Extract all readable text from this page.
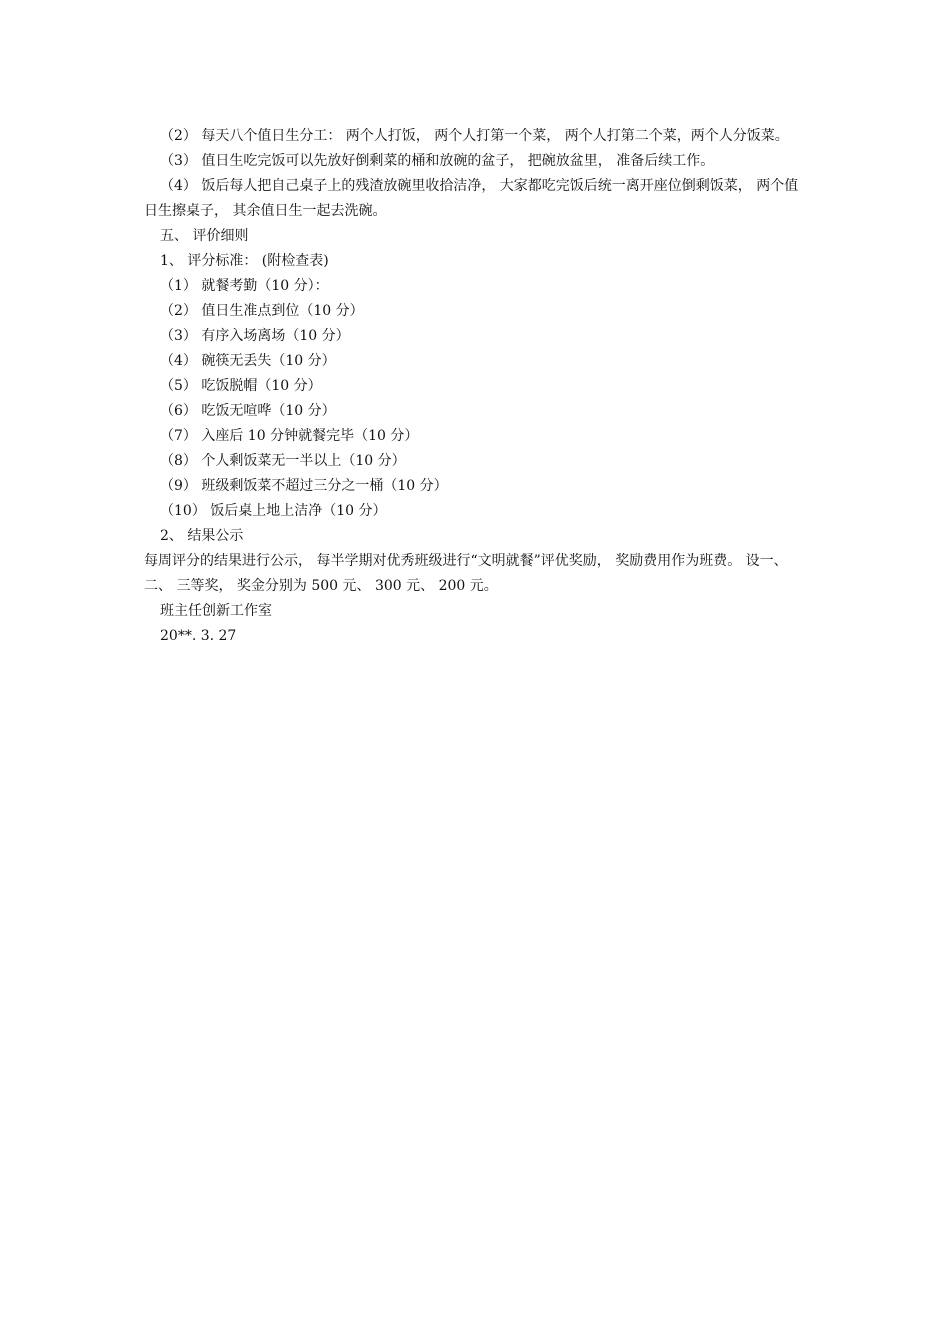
（2） 每天八个值日生分工： 两个人打饭， 两个人打第一个菜， 两个人打第二个菜，两个人分饭菜。

（3） 值日生吃完饭可以先放好倒剩菜的桶和放碗的盆子， 把碗放盆里， 准备后续工作。

（4） 饭后每人把自己桌子上的残渣放碗里收拾洁净， 大家都吃完饭后统一离开座位倒剩饭菜， 两个值日生擦桌子， 其余值日生一起去洗碗。

五、 评价细则

1、 评分标准： (附检查表)

（1） 就餐考勤（10 分）：

（2） 值日生准点到位（10 分）

（3） 有序入场离场（10 分）

（4） 碗筷无丢失（10 分）

（5） 吃饭脱帽（10 分）

（6） 吃饭无喧哗（10 分）

（7） 入座后 10 分钟就餐完毕（10 分）

（8） 个人剩饭菜无一半以上（10 分）

（9） 班级剩饭菜不超过三分之一桶（10 分）

（10） 饭后桌上地上洁净（10 分）

2、 结果公示

每周评分的结果进行公示， 每半学期对优秀班级进行“文明就餐”评优奖励， 奖励费用作为班费。 设一、 二、 三等奖， 奖金分别为 500 元、 300 元、 200 元。

班主任创新工作室

20**. 3. 27
